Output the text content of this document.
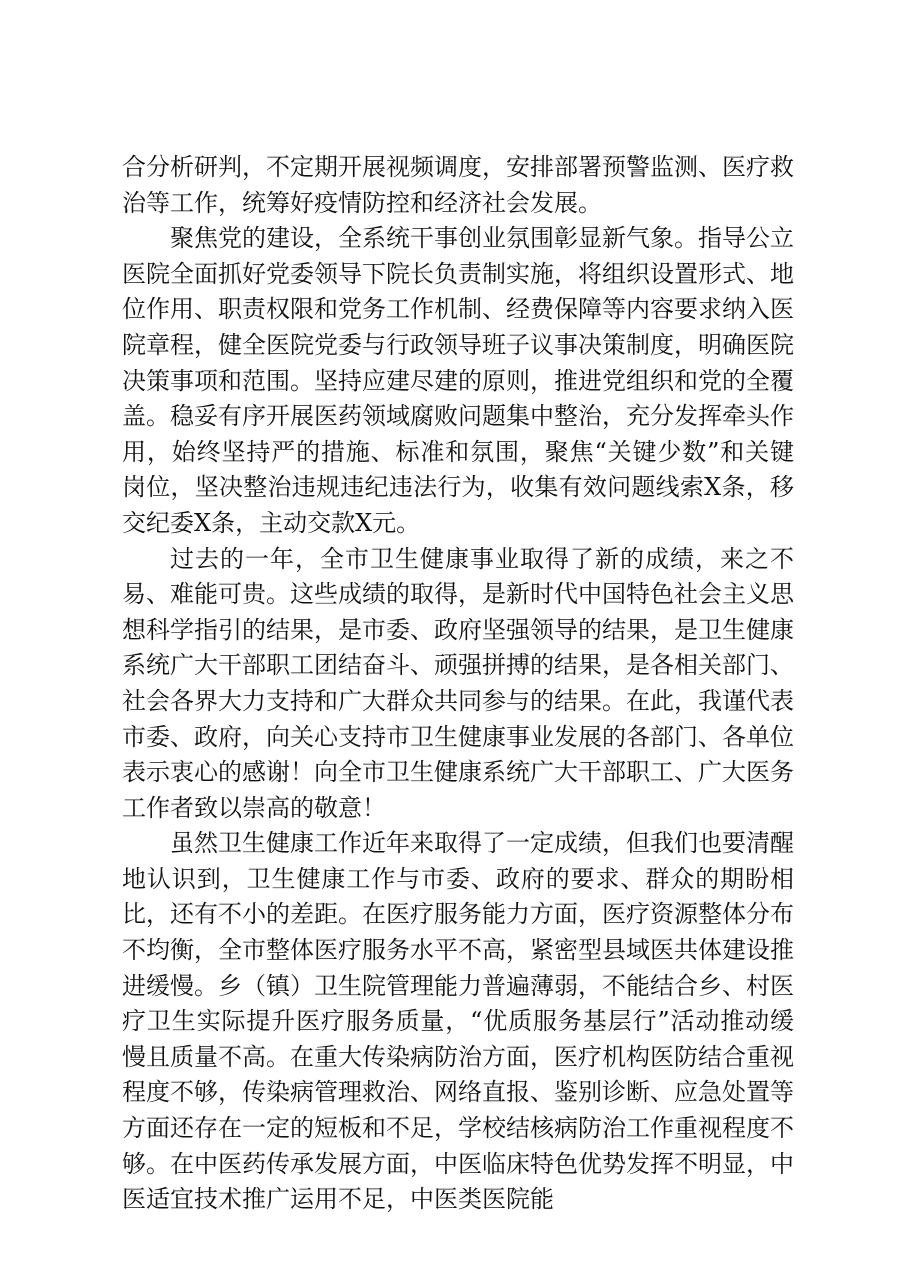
合分析研判，不定期开展视频调度，安排部署预警监测、医疗救治等工作，统筹好疫情防控和经济社会发展。

聚焦党的建设，全系统干事创业氛围彰显新气象。指导公立医院全面抓好党委领导下院长负责制实施，将组织设置形式、地位作用、职责权限和党务工作机制、经费保障等内容要求纳入医院章程，健全医院党委与行政领导班子议事决策制度，明确医院决策事项和范围。坚持应建尽建的原则，推进党组织和党的全覆盖。稳妥有序开展医药领域腐败问题集中整治，充分发挥牵头作用，始终坚持严的措施、标准和氛围，聚焦“关键少数”和关键岗位，坚决整治违规违纪违法行为，收集有效问题线索X条，移交纪委X条，主动交款X元。

过去的一年，全市卫生健康事业取得了新的成绩，来之不易、难能可贵。这些成绩的取得，是新时代中国特色社会主义思想科学指引的结果，是市委、政府坚强领导的结果，是卫生健康系统广大干部职工团结奋斗、顽强拼搏的结果，是各相关部门、社会各界大力支持和广大群众共同参与的结果。在此，我谨代表市委、政府，向关心支持市卫生健康事业发展的各部门、各单位表示衷心的感谢！向全市卫生健康系统广大干部职工、广大医务工作者致以崇高的敬意！

虽然卫生健康工作近年来取得了一定成绩，但我们也要清醒地认识到，卫生健康工作与市委、政府的要求、群众的期盼相比，还有不小的差距。在医疗服务能力方面，医疗资源整体分布不均衡，全市整体医疗服务水平不高，紧密型县域医共体建设推进缓慢。乡（镇）卫生院管理能力普遍薄弱，不能结合乡、村医疗卫生实际提升医疗服务质量，“优质服务基层行”活动推动缓慢且质量不高。在重大传染病防治方面，医疗机构医防结合重视程度不够，传染病管理救治、网络直报、鉴别诊断、应急处置等方面还存在一定的短板和不足，学校结核病防治工作重视程度不够。在中医药传承发展方面，中医临床特色优势发挥不明显，中医适宜技术推广运用不足，中医类医院能
